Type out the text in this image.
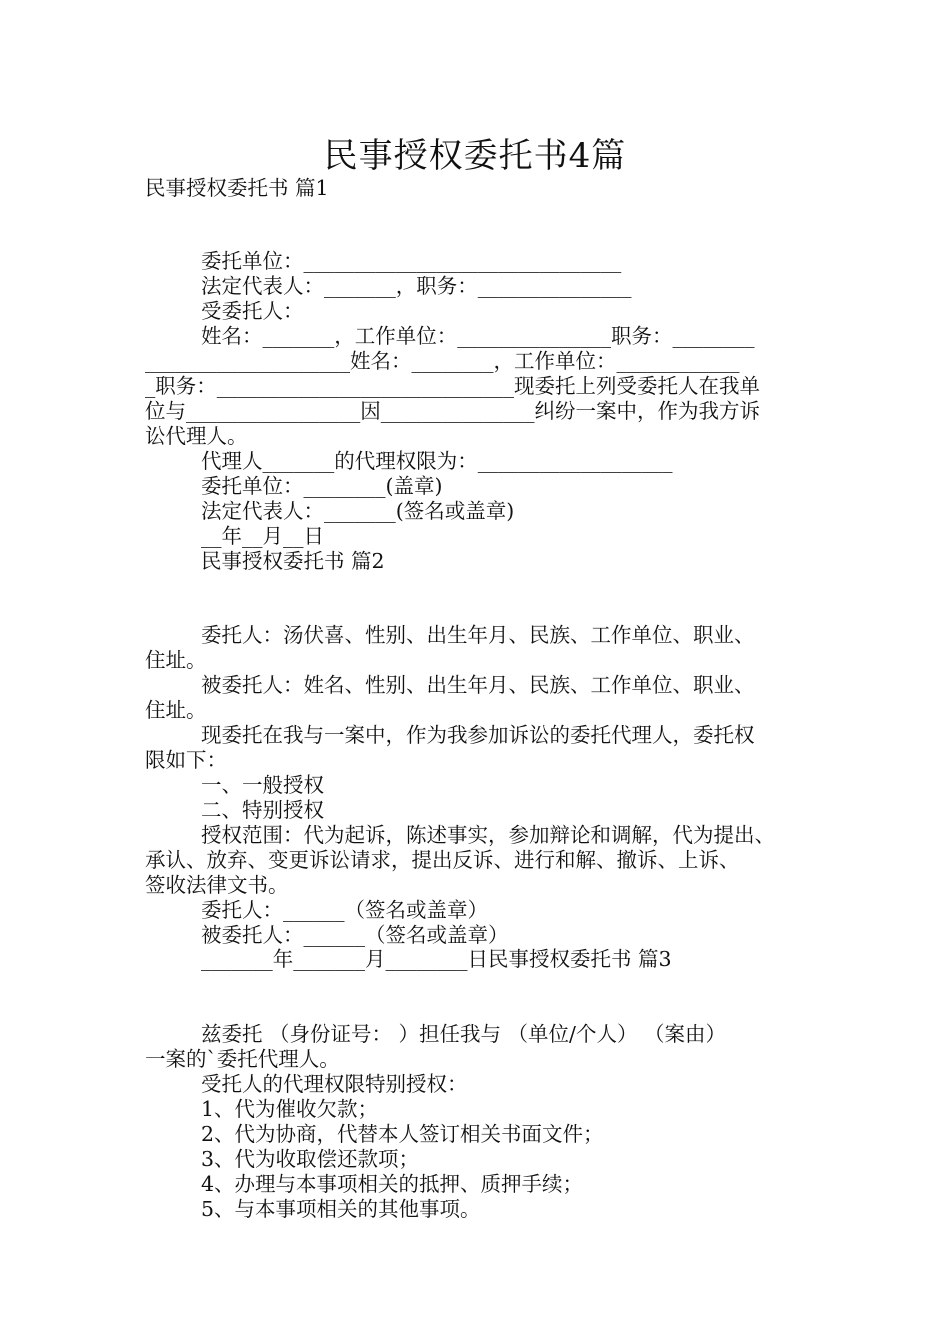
民事授权委托书4篇
民事授权委托书 篇1
委托单位：_______________________________
法定代表人：_______，职务：_______________
受委托人：
姓名：_______，工作单位：_______________职务：________
____________________姓名：________，工作单位：____________
_职务：_____________________________现委托上列受委托人在我单
位与_________________因_______________纠纷一案中，作为我方诉
讼代理人。
代理人_______的代理权限为：___________________
委托单位：________(盖章)
法定代表人：_______(签名或盖章)
__年__月__日
民事授权委托书 篇2
委托人：汤伏喜、性别、出生年月、民族、工作单位、职业、
住址。
被委托人：姓名、性别、出生年月、民族、工作单位、职业、
住址。
现委托在我与一案中，作为我参加诉讼的委托代理人，委托权
限如下：
一、一般授权
二、特别授权
授权范围：代为起诉，陈述事实，参加辩论和调解，代为提出、
承认、放弃、变更诉讼请求，提出反诉、进行和解、撤诉、上诉、
签收法律文书。
委托人：______（签名或盖章）
被委托人：______（签名或盖章）
_______年_______月________日民事授权委托书 篇3
兹委托 （身份证号： ）担任我与 （单位/个人） （案由）
一案的`委托代理人。
受托人的代理权限特别授权：
1、代为催收欠款；
2、代为协商，代替本人签订相关书面文件；
3、代为收取偿还款项；
4、办理与本事项相关的抵押、质押手续；
5、与本事项相关的其他事项。
